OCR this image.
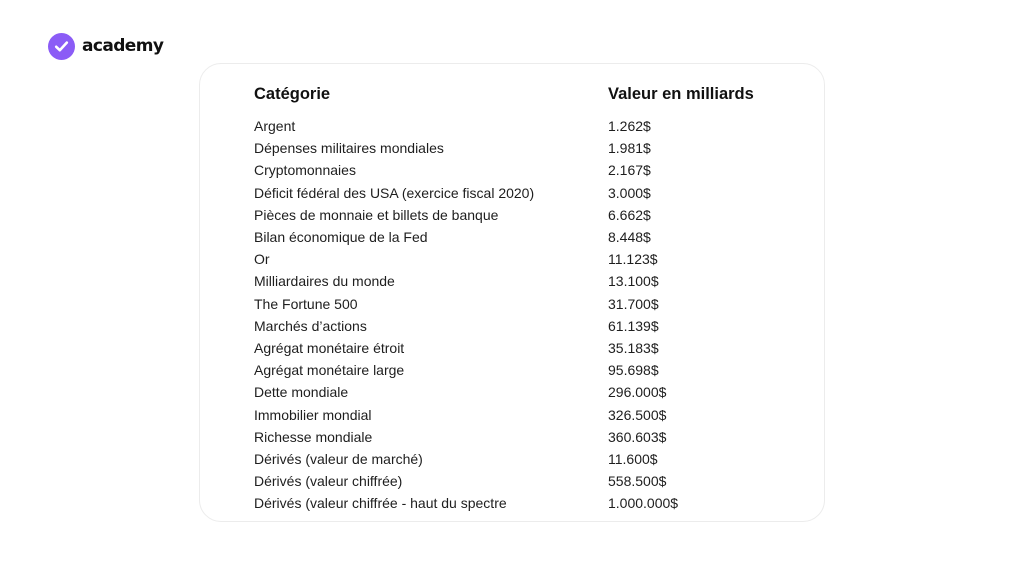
academy
Catégorie	Valeur en milliards
Argent	1.262$
Dépenses militaires mondiales	1.981$
Cryptomonnaies	2.167$
Déficit fédéral des USA (exercice fiscal 2020)	3.000$
Pièces de monnaie et billets de banque	6.662$
Bilan économique de la Fed	8.448$
Or	11.123$
Milliardaires du monde	13.100$
The Fortune 500	31.700$
Marchés d’actions	61.139$
Agrégat monétaire étroit	35.183$
Agrégat monétaire large	95.698$
Dette mondiale	296.000$
Immobilier mondial	326.500$
Richesse mondiale	360.603$
Dérivés (valeur de marché)	11.600$
Dérivés (valeur chiffrée)	558.500$
Dérivés (valeur chiffrée - haut du spectre	1.000.000$
